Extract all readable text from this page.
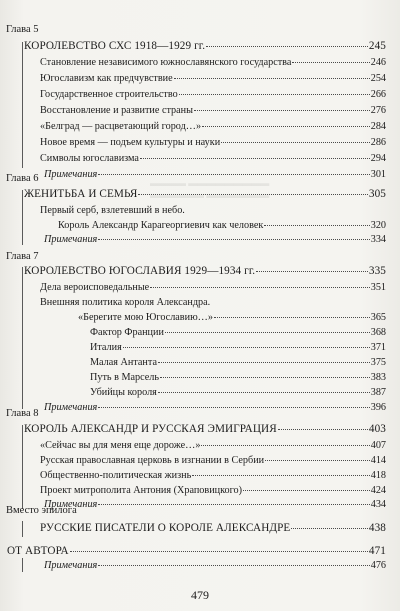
▬▬▬▬ ▬▬▬▬▬▬▬▬▬
▬▬▬▬▬▬ ▬▬▬▬▬▬▬
Глава 5
КОРОЛЕВСТВО СХС 1918—1929 гг.	245
Становление независимого южнославянского государства	246
Югославизм как предчувствие	254
Государственное строительство	266
Восстановление и развитие страны	276
«Белград — расцветающий город…»	284
Новое время — подъем культуры и науки	286
Символы югославизма	294
Примечания	301
Глава 6
ЖЕНИТЬБА И СЕМЬЯ	305
Первый серб, взлетевший в небо.
Король Александр Карагеоргиевич как человек	320
Примечания	334
Глава 7
КОРОЛЕВСТВО ЮГОСЛАВИЯ 1929—1934 гг.	335
Дела вероисповедальные	351
Внешняя политика короля Александра.
«Берегите мою Югославию…»	365
Фактор Франции	368
Италия	371
Малая Антанта	375
Путь в Марсель	383
Убийцы короля	387
Примечания	396
Глава 8
КОРОЛЬ АЛЕКСАНДР И РУССКАЯ ЭМИГРАЦИЯ	403
«Сейчас вы для меня еще дороже…»	407
Русская православная церковь в изгнании в Сербии	414
Общественно-политическая жизнь	418
Проект митрополита Антония (Храповицкого)	424
Примечания	434
Вместо эпилога
РУССКИЕ ПИСАТЕЛИ О КОРОЛЕ АЛЕКСАНДРЕ	438
ОТ АВТОРА	471
Примечания	476
479
